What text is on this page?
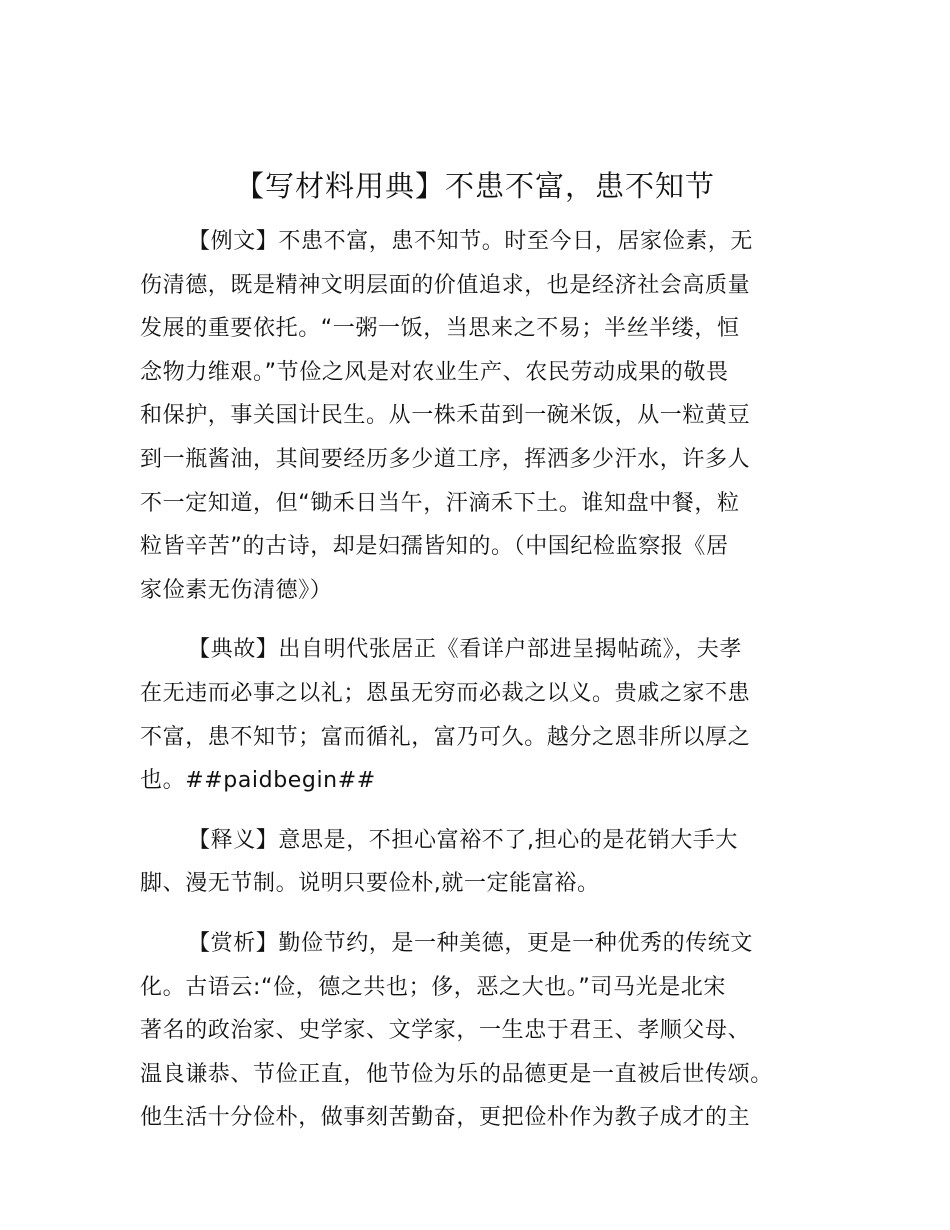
【写材料用典】不患不富，患不知节
【例文】不患不富，患不知节。时至今日，居家俭素，无
伤清德，既是精神文明层面的价值追求，也是经济社会高质量
发展的重要依托。“一粥一饭，当思来之不易；半丝半缕，恒
念物力维艰。”节俭之风是对农业生产、农民劳动成果的敬畏
和保护，事关国计民生。从一株禾苗到一碗米饭，从一粒黄豆
到一瓶酱油，其间要经历多少道工序，挥洒多少汗水，许多人
不一定知道，但“锄禾日当午，汗滴禾下土。谁知盘中餐，粒
粒皆辛苦”的古诗，却是妇孺皆知的。（中国纪检监察报《居
家俭素无伤清德》）
【典故】出自明代张居正《看详户部进呈揭帖疏》，夫孝
在无违而必事之以礼；恩虽无穷而必裁之以义。贵戚之家不患
不富，患不知节；富而循礼，富乃可久。越分之恩非所以厚之
也。##paidbegin##
【释义】意思是，不担心富裕不了,担心的是花销大手大
脚、漫无节制。说明只要俭朴,就一定能富裕。
【赏析】勤俭节约，是一种美德，更是一种优秀的传统文
化。古语云:“俭，德之共也；侈，恶之大也。”司马光是北宋
著名的政治家、史学家、文学家，一生忠于君王、孝顺父母、
温良谦恭、节俭正直，他节俭为乐的品德更是一直被后世传颂。
他生活十分俭朴，做事刻苦勤奋，更把俭朴作为教子成才的主
